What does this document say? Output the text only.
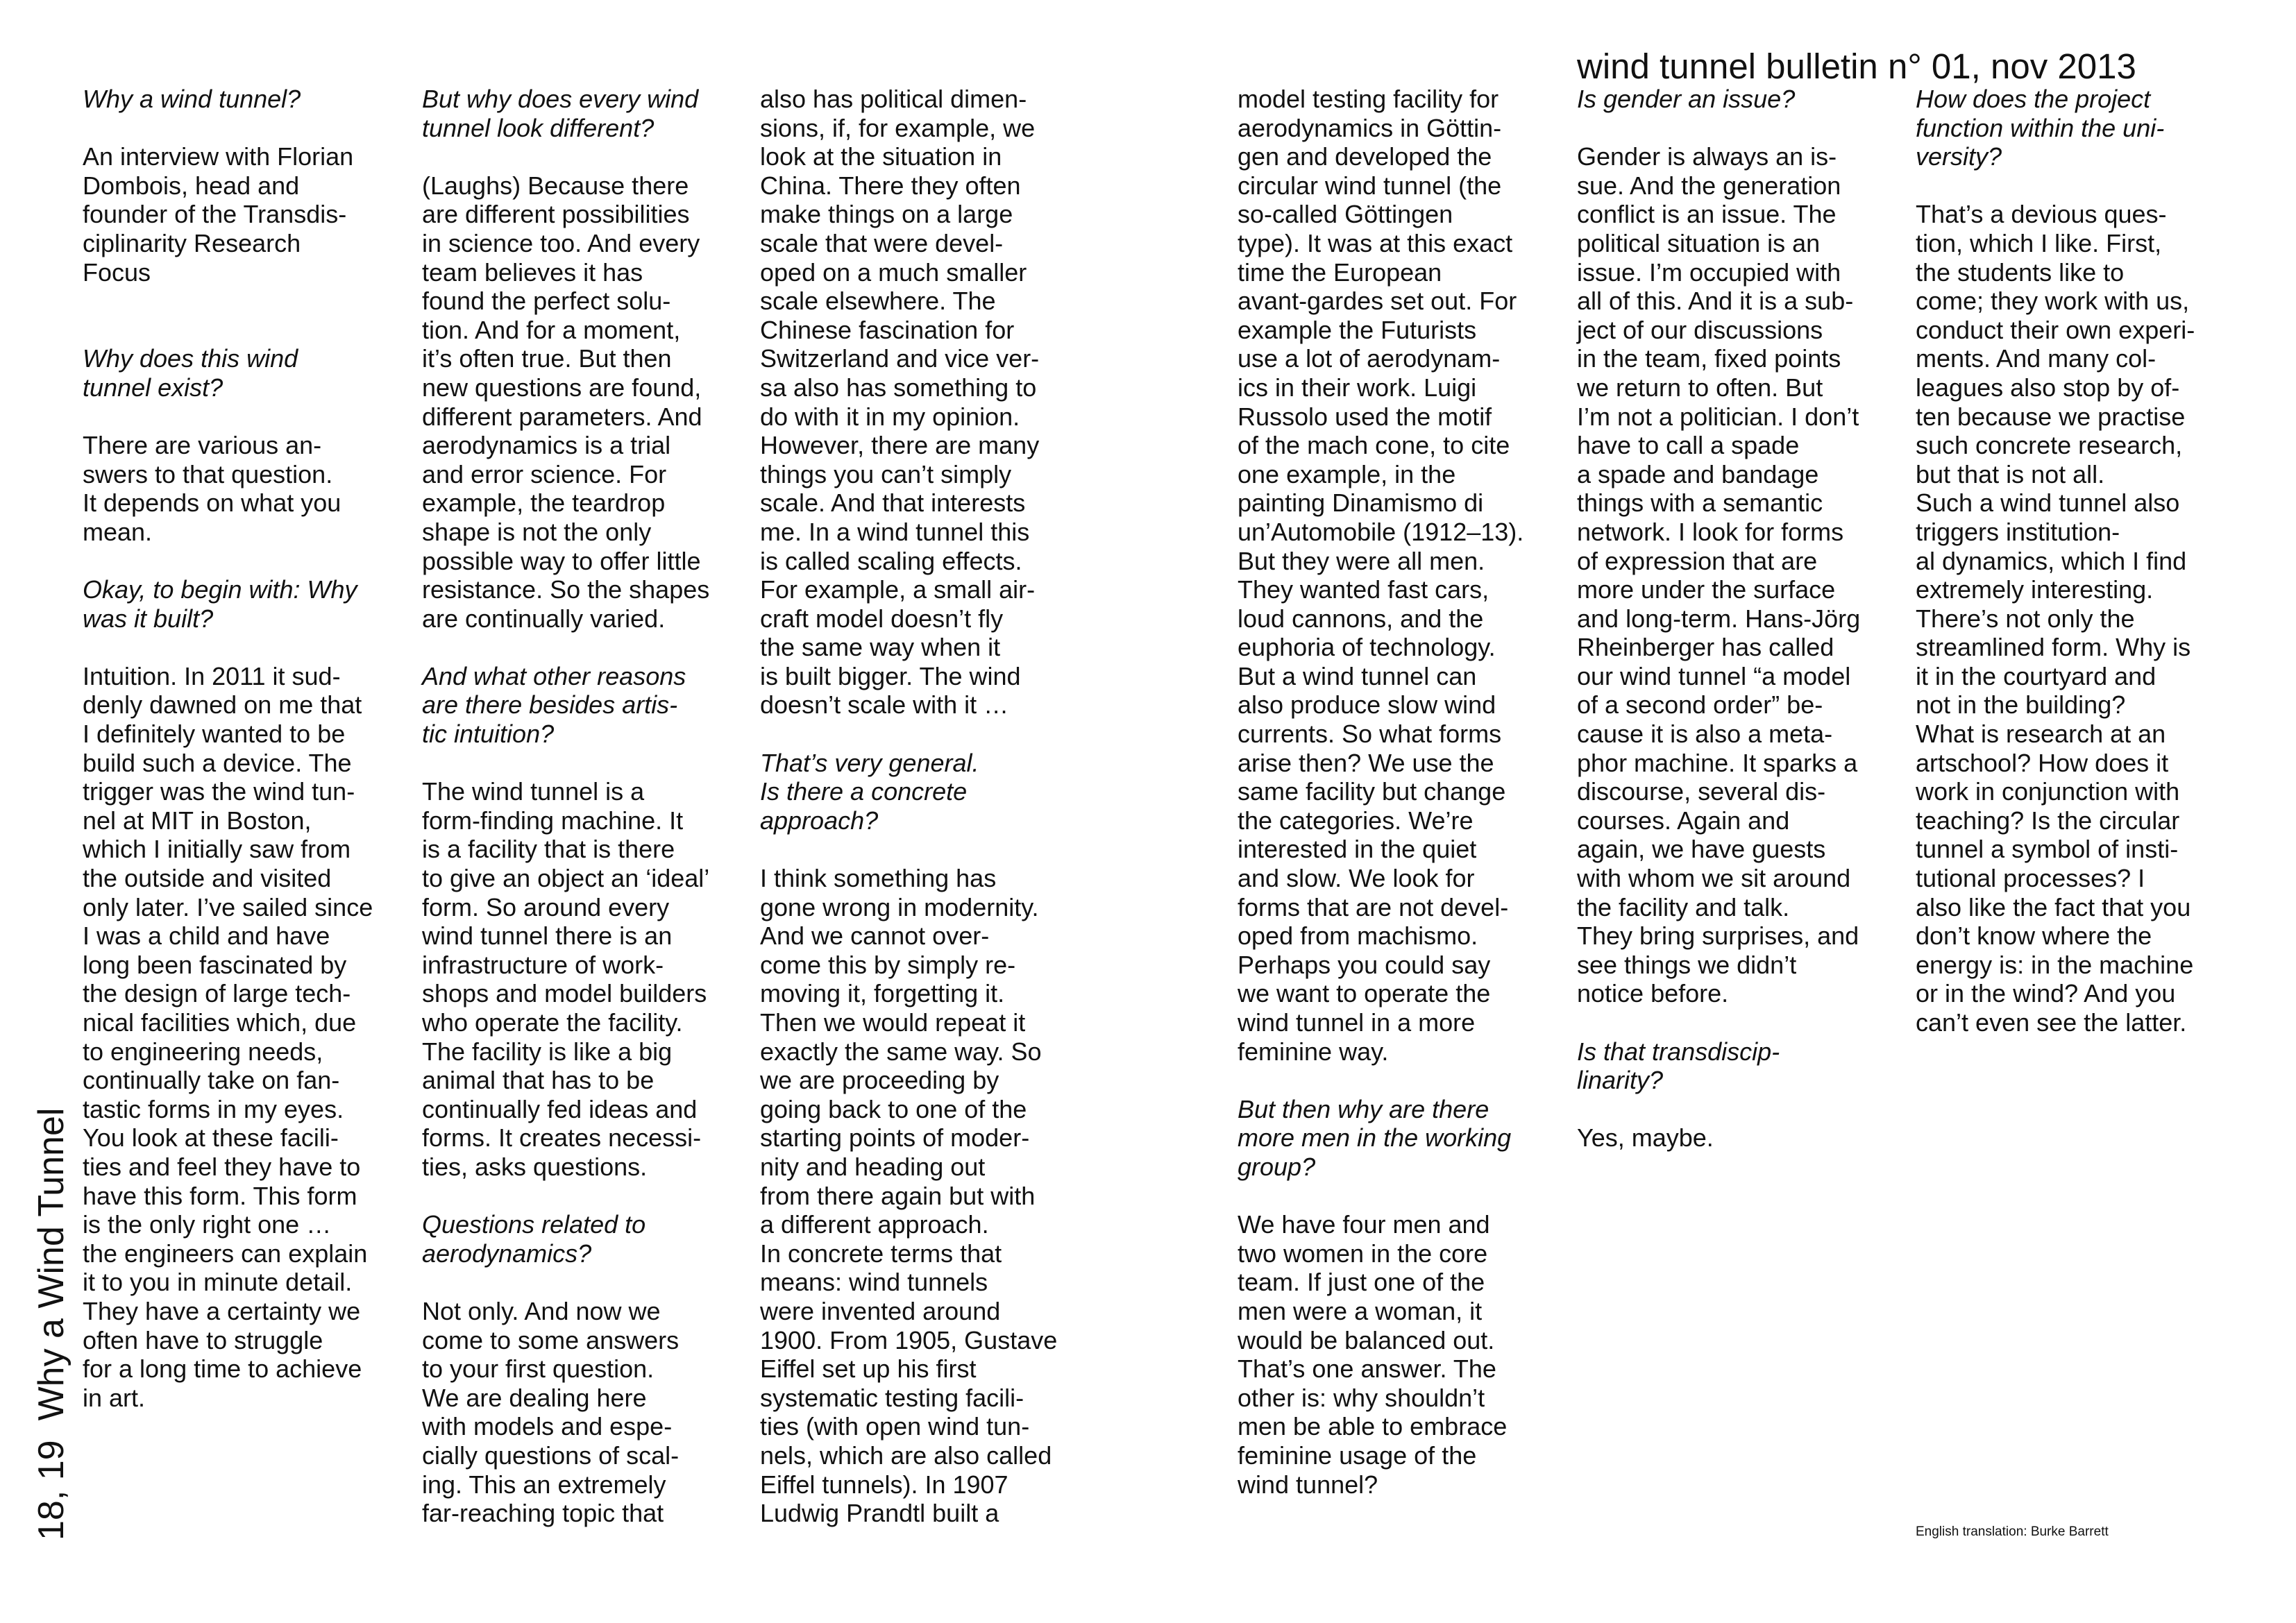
wind tunnel bulletin n° 01, nov 2013
18, 19Why a Wind Tunnel
Why a wind tunnel?
An interview with Florian
Dombois, head and
founder of the Transdis-
ciplinarity Research
Focus
Why does this wind
tunnel exist?
There are various an-
swers to that question.
It depends on what you
mean.
Okay, to begin with: Why
was it built?
Intuition. In 2011 it sud-
denly dawned on me that
I definitely wanted to be
build such a device. The
trigger was the wind tun-
nel at MIT in Boston,
which I initially saw from
the outside and visited
only later. I’ve sailed since
I was a child and have
long been fascinated by
the design of large tech-
nical facilities which, due
to engineering needs,
continually take on fan-
tastic forms in my eyes.
You look at these facili-
ties and feel they have to
have this form. This form
is the only right one …
the engineers can explain
it to you in minute detail.
They have a certainty we
often have to struggle
for a long time to achieve
in art.
But why does every wind
tunnel look different?
(Laughs) Because there
are different possibilities
in science too. And every
team believes it has
found the perfect solu-
tion. And for a moment,
it’s often true. But then
new questions are found,
different parameters. And
aerodynamics is a trial
and error science. For
example, the teardrop
shape is not the only
possible way to offer little
resistance. So the shapes
are continually varied.
And what other reasons
are there besides artis-
tic intuition?
The wind tunnel is a
form-finding machine. It
is a facility that is there
to give an object an ‘ideal’
form. So around every
wind tunnel there is an
infrastructure of work-
shops and model builders
who operate the facility.
The facility is like a big
animal that has to be
continually fed ideas and
forms. It creates necessi-
ties, asks questions.
Questions related to
aerodynamics?
Not only. And now we
come to some answers
to your first question.
We are dealing here
with models and espe-
cially questions of scal-
ing. This an extremely
far-reaching topic that
also has political dimen-
sions, if, for example, we
look at the situation in
China. There they often
make things on a large
scale that were devel-
oped on a much smaller
scale elsewhere. The
Chinese fascination for
Switzerland and vice ver-
sa also has something to
do with it in my opinion.
However, there are many
things you can’t simply
scale. And that interests
me. In a wind tunnel this
is called scaling effects.
For example, a small air-
craft model doesn’t fly
the same way when it
is built bigger. The wind
doesn’t scale with it …
That’s very general.
Is there a concrete
approach?
I think something has
gone wrong in modernity.
And we cannot over-
come this by simply re-
moving it, forgetting it.
Then we would repeat it
exactly the same way. So
we are proceeding by
going back to one of the
starting points of moder-
nity and heading out
from there again but with
a different approach.
In concrete terms that
means: wind tunnels
were invented around
1900. From 1905, Gustave
Eiffel set up his first
systematic testing facili-
ties (with open wind tun-
nels, which are also called
Eiffel tunnels). In 1907
Ludwig Prandtl built a
model testing facility for
aerodynamics in Göttin-
gen and developed the
circular wind tunnel (the
so-called Göttingen
type). It was at this exact
time the European
avant-gardes set out. For
example the Futurists
use a lot of aerodynam-
ics in their work. Luigi
Russolo used the motif
of the mach cone, to cite
one example, in the
painting Dinamismo di
un’Automobile (1912–13).
But they were all men.
They wanted fast cars,
loud cannons, and the
euphoria of technology.
But a wind tunnel can
also produce slow wind
currents. So what forms
arise then? We use the
same facility but change
the categories. We’re
interested in the quiet
and slow. We look for
forms that are not devel-
oped from machismo.
Perhaps you could say
we want to operate the
wind tunnel in a more
feminine way.
But then why are there
more men in the working
group?
We have four men and
two women in the core
team. If just one of the
men were a woman, it
would be balanced out.
That’s one answer. The
other is: why shouldn’t
men be able to embrace
feminine usage of the
wind tunnel?
Is gender an issue?
Gender is always an is-
sue. And the generation
conflict is an issue. The
political situation is an
issue. I’m occupied with
all of this. And it is a sub-
ject of our discussions
in the team, fixed points
we return to often. But
I’m not a politician. I don’t
have to call a spade
a spade and bandage
things with a semantic
network. I look for forms
of expression that are
more under the surface
and long-term. Hans-Jörg
Rheinberger has called
our wind tunnel “a model
of a second order” be-
cause it is also a meta-
phor machine. It sparks a
discourse, several dis-
courses. Again and
again, we have guests
with whom we sit around
the facility and talk.
They bring surprises, and
see things we didn’t
notice before.
Is that transdiscip-
linarity?
Yes, maybe.
How does the project
function within the uni-
versity?
That’s a devious ques-
tion, which I like. First,
the students like to
come; they work with us,
conduct their own experi-
ments. And many col-
leagues also stop by of-
ten because we practise
such concrete research,
but that is not all.
Such a wind tunnel also
triggers institution-
al dynamics, which I find
extremely interesting.
There’s not only the
streamlined form. Why is
it in the courtyard and
not in the building?
What is research at an
artschool? How does it
work in conjunction with
teaching? Is the circular
tunnel a symbol of insti-
tutional processes? I
also like the fact that you
don’t know where the
energy is: in the machine
or in the wind? And you
can’t even see the latter.
English translation: Burke Barrett
